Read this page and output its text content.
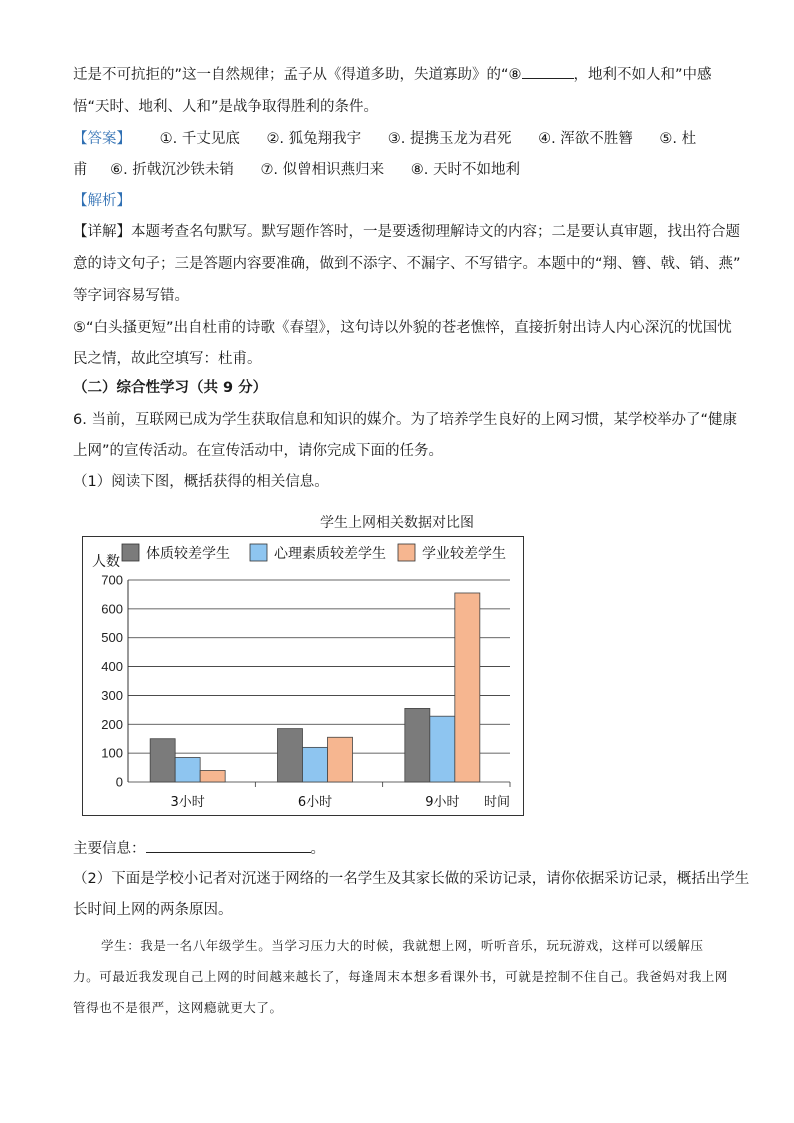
迁是不可抗拒的”这一自然规律；孟子从《得道多助，失道寡助》的“⑧	，地利不如人和”中感
悟“天时、地利、人和”是战争取得胜利的条件。
【答案】 ①. 千丈见底 ②. 狐兔翔我宇 ③. 提携玉龙为君死 ④. 浑欲不胜簪 ⑤. 杜
甫 ⑥. 折戟沉沙铁未销 ⑦. 似曾相识燕归来 ⑧. 天时不如地利
【解析】
【详解】本题考查名句默写。默写题作答时，一是要透彻理解诗文的内容；二是要认真审题，找出符合题
意的诗文句子；三是答题内容要准确，做到不添字、不漏字、不写错字。本题中的“翔、簪、戟、销、燕”
等字词容易写错。
⑤“白头搔更短”出自杜甫的诗歌《春望》，这句诗以外貌的苍老憔悴，直接折射出诗人内心深沉的忧国忧
民之情，故此空填写：杜甫。
（二）综合性学习（共 9 分）
6. 当前，互联网已成为学生获取信息和知识的媒介。为了培养学生良好的上网习惯，某学校举办了“健康
上网”的宣传活动。在宣传活动中，请你完成下面的任务。
（1）阅读下图，概括获得的相关信息。
学生上网相关数据对比图
0
100
200
300
400
500
600
700
人数 体质较差学生	心理素质较差学生	学业较差学生
3小时	6小时	9小时 时间
主要信息：	。
（2）下面是学校小记者对沉迷于网络的一名学生及其家长做的采访记录，请你依据采访记录，概括出学生
长时间上网的两条原因。
学生：我是一名八年级学生。当学习压力大的时候，我就想上网，听听音乐，玩玩游戏，这样可以缓解压力。可最近我发现自己上网的时间越来越长了，每逢周末本想多看课外书，可就是控制不住自己。我爸妈对我上网管得也不是很严，这网瘾就更大了。
